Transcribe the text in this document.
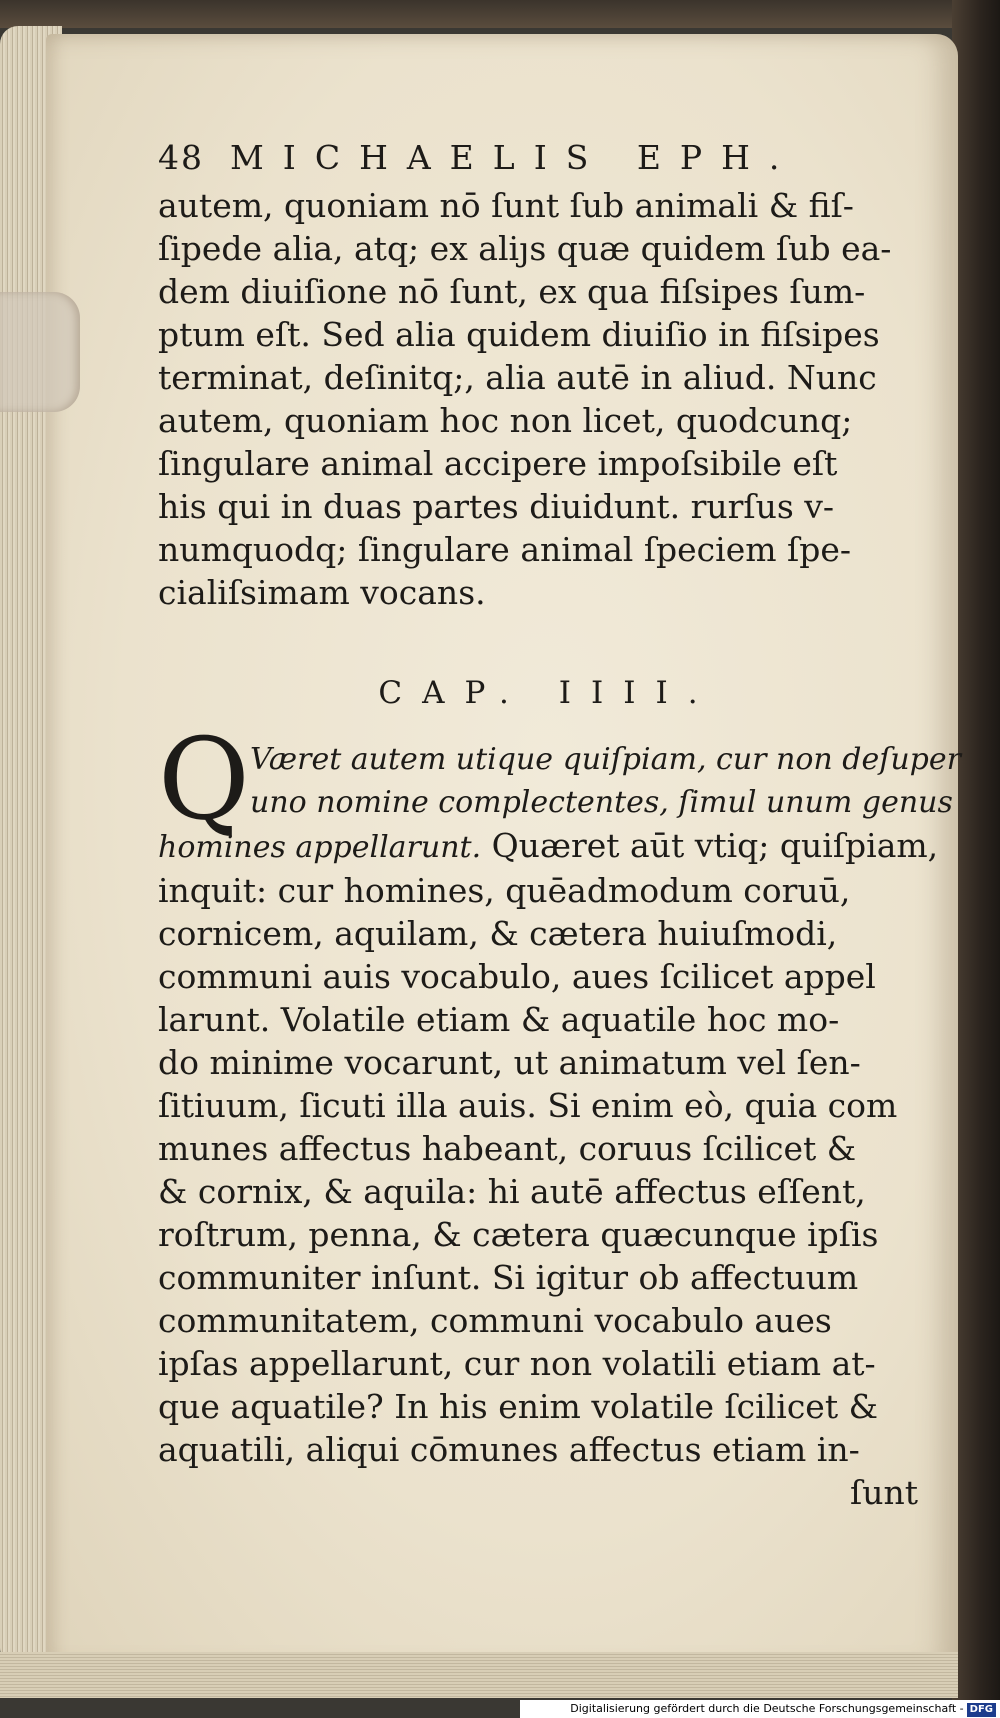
48 MICHAELIS EPH.
autem, quoniam nō ſunt ſub animali & fiſ-
ſipede alia, atq; ex aliȷs quæ quidem ſub ea-
dem diuiſione nō ſunt, ex qua fiſsipes ſum-
ptum eſt. Sed alia quidem diuiſio in fiſsipes
terminat, deſinitq;, alia autē in aliud. Nunc
autem, quoniam hoc non licet, quodcunq;
ſingulare animal accipere impoſsibile eſt
his qui in duas partes diuidunt. rurſus v-
numquodq; ſingulare animal ſpeciem ſpe-
cialiſsimam vocans.
CAP. IIII.
Q Været autem utique quiſpiam, cur non deſuper
uno nomine complectentes, ſimul unum genus
homines appellarunt. Quæret aūt vtiq; quiſpiam,
inquit: cur homines, quēadmodum coruū,
cornicem, aquilam, & cætera huiuſmodi,
communi auis vocabulo, aues ſcilicet appel
larunt. Volatile etiam & aquatile hoc mo-
do minime vocarunt, ut animatum vel ſen-
ſitiuum, ſicuti illa auis. Si enim eò, quia com
munes affectus habeant, coruus ſcilicet &
& cornix, & aquila: hi autē affectus eſſent,
roſtrum, penna, & cætera quæcunque ipſis
communiter inſunt. Si igitur ob affectuum
communitatem, communi vocabulo aues
ipſas appellarunt, cur non volatili etiam at-
que aquatile? In his enim volatile ſcilicet &
aquatili, aliqui cōmunes affectus etiam in-
ſunt
Digitalisierung gefördert durch die Deutsche Forschungsgemeinschaft - DFG
